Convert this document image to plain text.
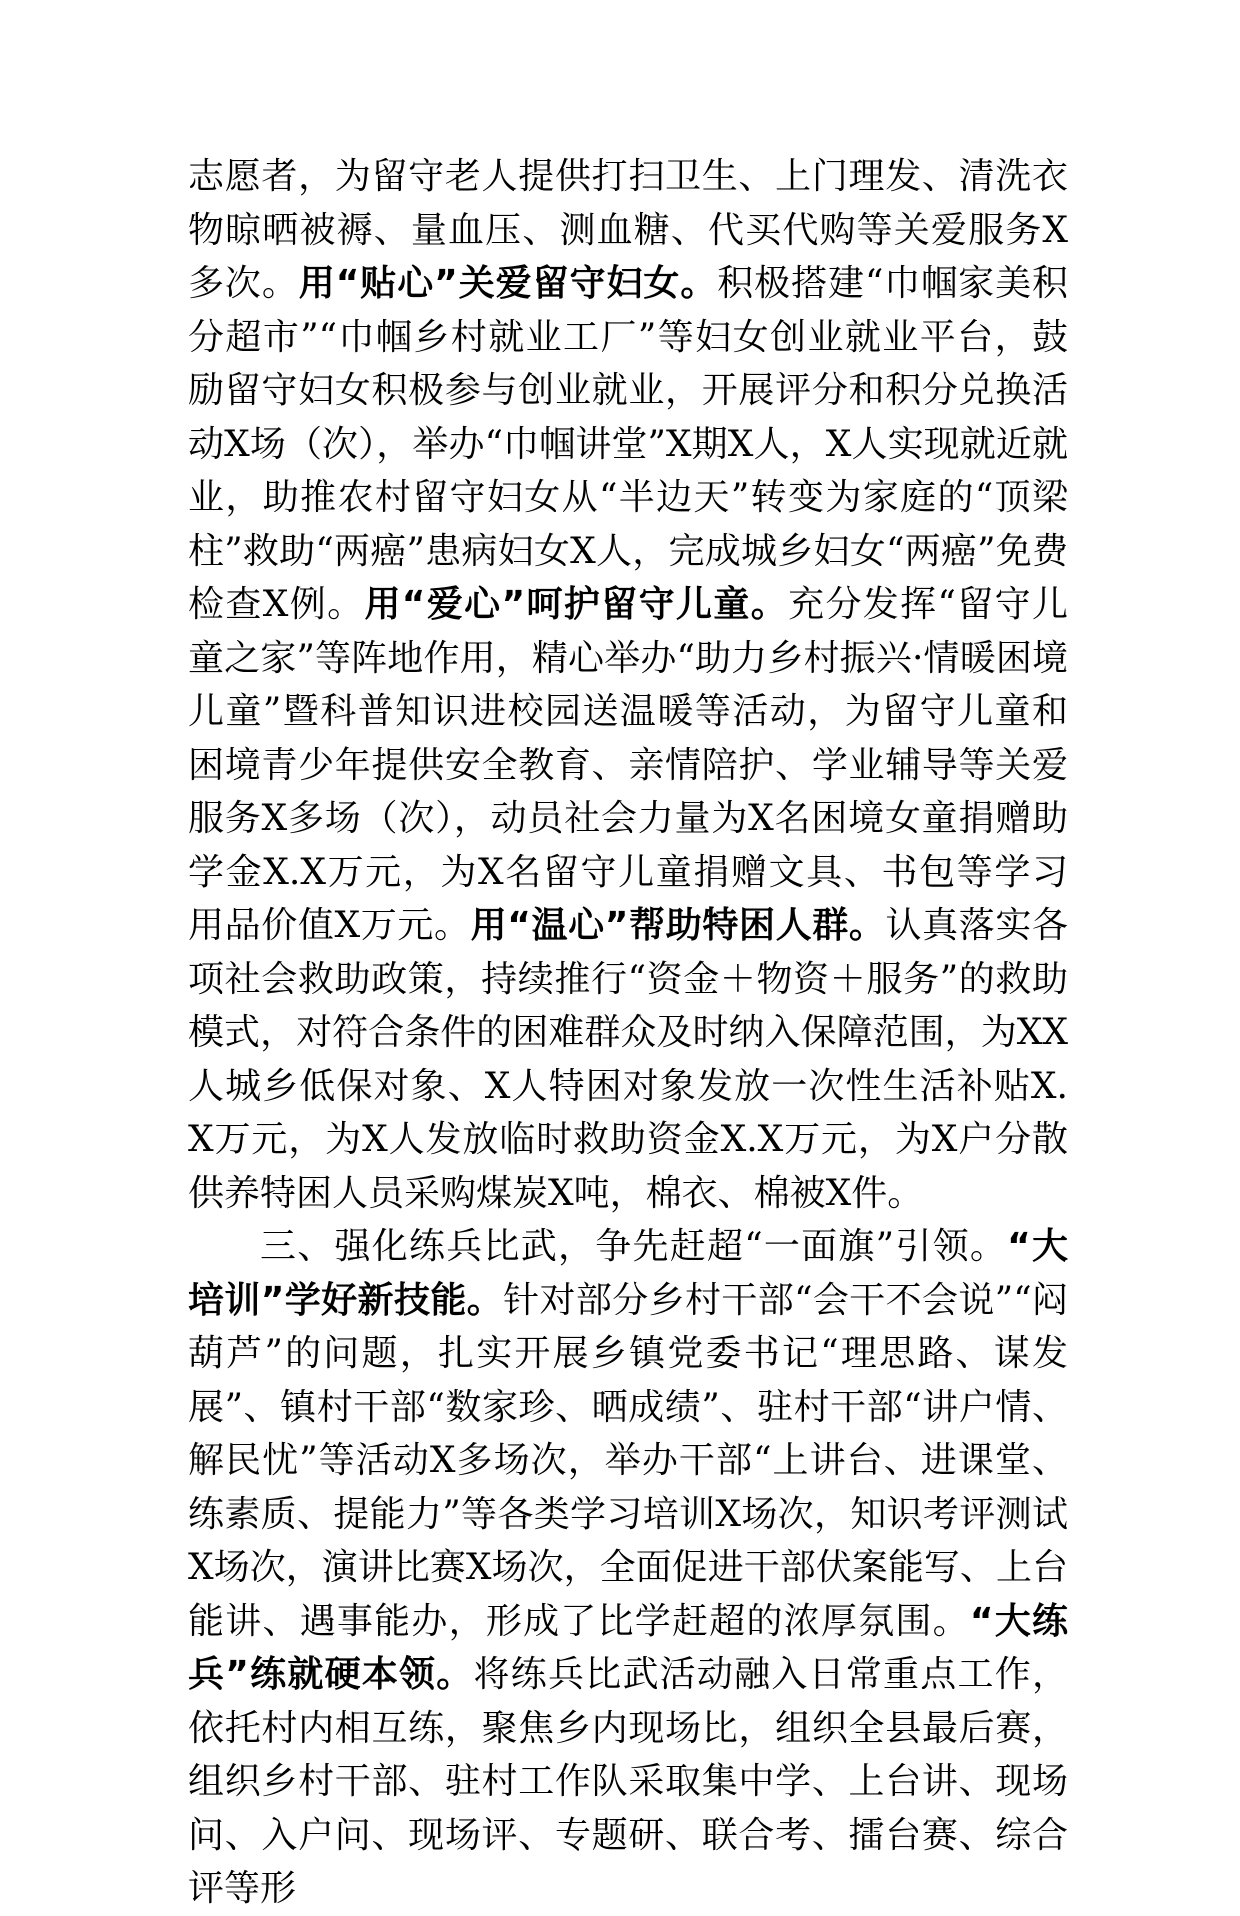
志愿者，为留守老人提供打扫卫生、上门理发、清洗衣物晾晒被褥、量血压、测血糖、代买代购等关爱服务X多次。用“贴心”关爱留守妇女。积极搭建“巾帼家美积分超市”“巾帼乡村就业工厂”等妇女创业就业平台，鼓励留守妇女积极参与创业就业，开展评分和积分兑换活动X场（次），举办“巾帼讲堂”X期X人，X人实现就近就业，助推农村留守妇女从“半边天”转变为家庭的“顶梁柱”救助“两癌”患病妇女X人，完成城乡妇女“两癌”免费检查X例。用“爱心”呵护留守儿童。充分发挥“留守儿童之家”等阵地作用，精心举办“助力乡村振兴·情暖困境儿童”暨科普知识进校园送温暖等活动，为留守儿童和困境青少年提供安全教育、亲情陪护、学业辅导等关爱服务X多场（次），动员社会力量为X名困境女童捐赠助学金X.X万元，为X名留守儿童捐赠文具、书包等学习用品价值X万元。用“温心”帮助特困人群。认真落实各项社会救助政策，持续推行“资金＋物资＋服务”的救助模式，对符合条件的困难群众及时纳入保障范围，为XX人城乡低保对象、X人特困对象发放一次性生活补贴X.X万元，为X人发放临时救助资金X.X万元，为X户分散供养特困人员采购煤炭X吨，棉衣、棉被X件。

三、强化练兵比武，争先赶超“一面旗”引领。“大培训”学好新技能。针对部分乡村干部“会干不会说”“闷葫芦”的问题，扎实开展乡镇党委书记“理思路、谋发展”、镇村干部“数家珍、晒成绩”、驻村干部“讲户情、解民忧”等活动X多场次，举办干部“上讲台、进课堂、练素质、提能力”等各类学习培训X场次，知识考评测试X场次，演讲比赛X场次，全面促进干部伏案能写、上台能讲、遇事能办，形成了比学赶超的浓厚氛围。“大练兵”练就硬本领。将练兵比武活动融入日常重点工作，依托村内相互练，聚焦乡内现场比，组织全县最后赛，组织乡村干部、驻村工作队采取集中学、上台讲、现场问、入户问、现场评、专题研、联合考、擂台赛、综合评等形
